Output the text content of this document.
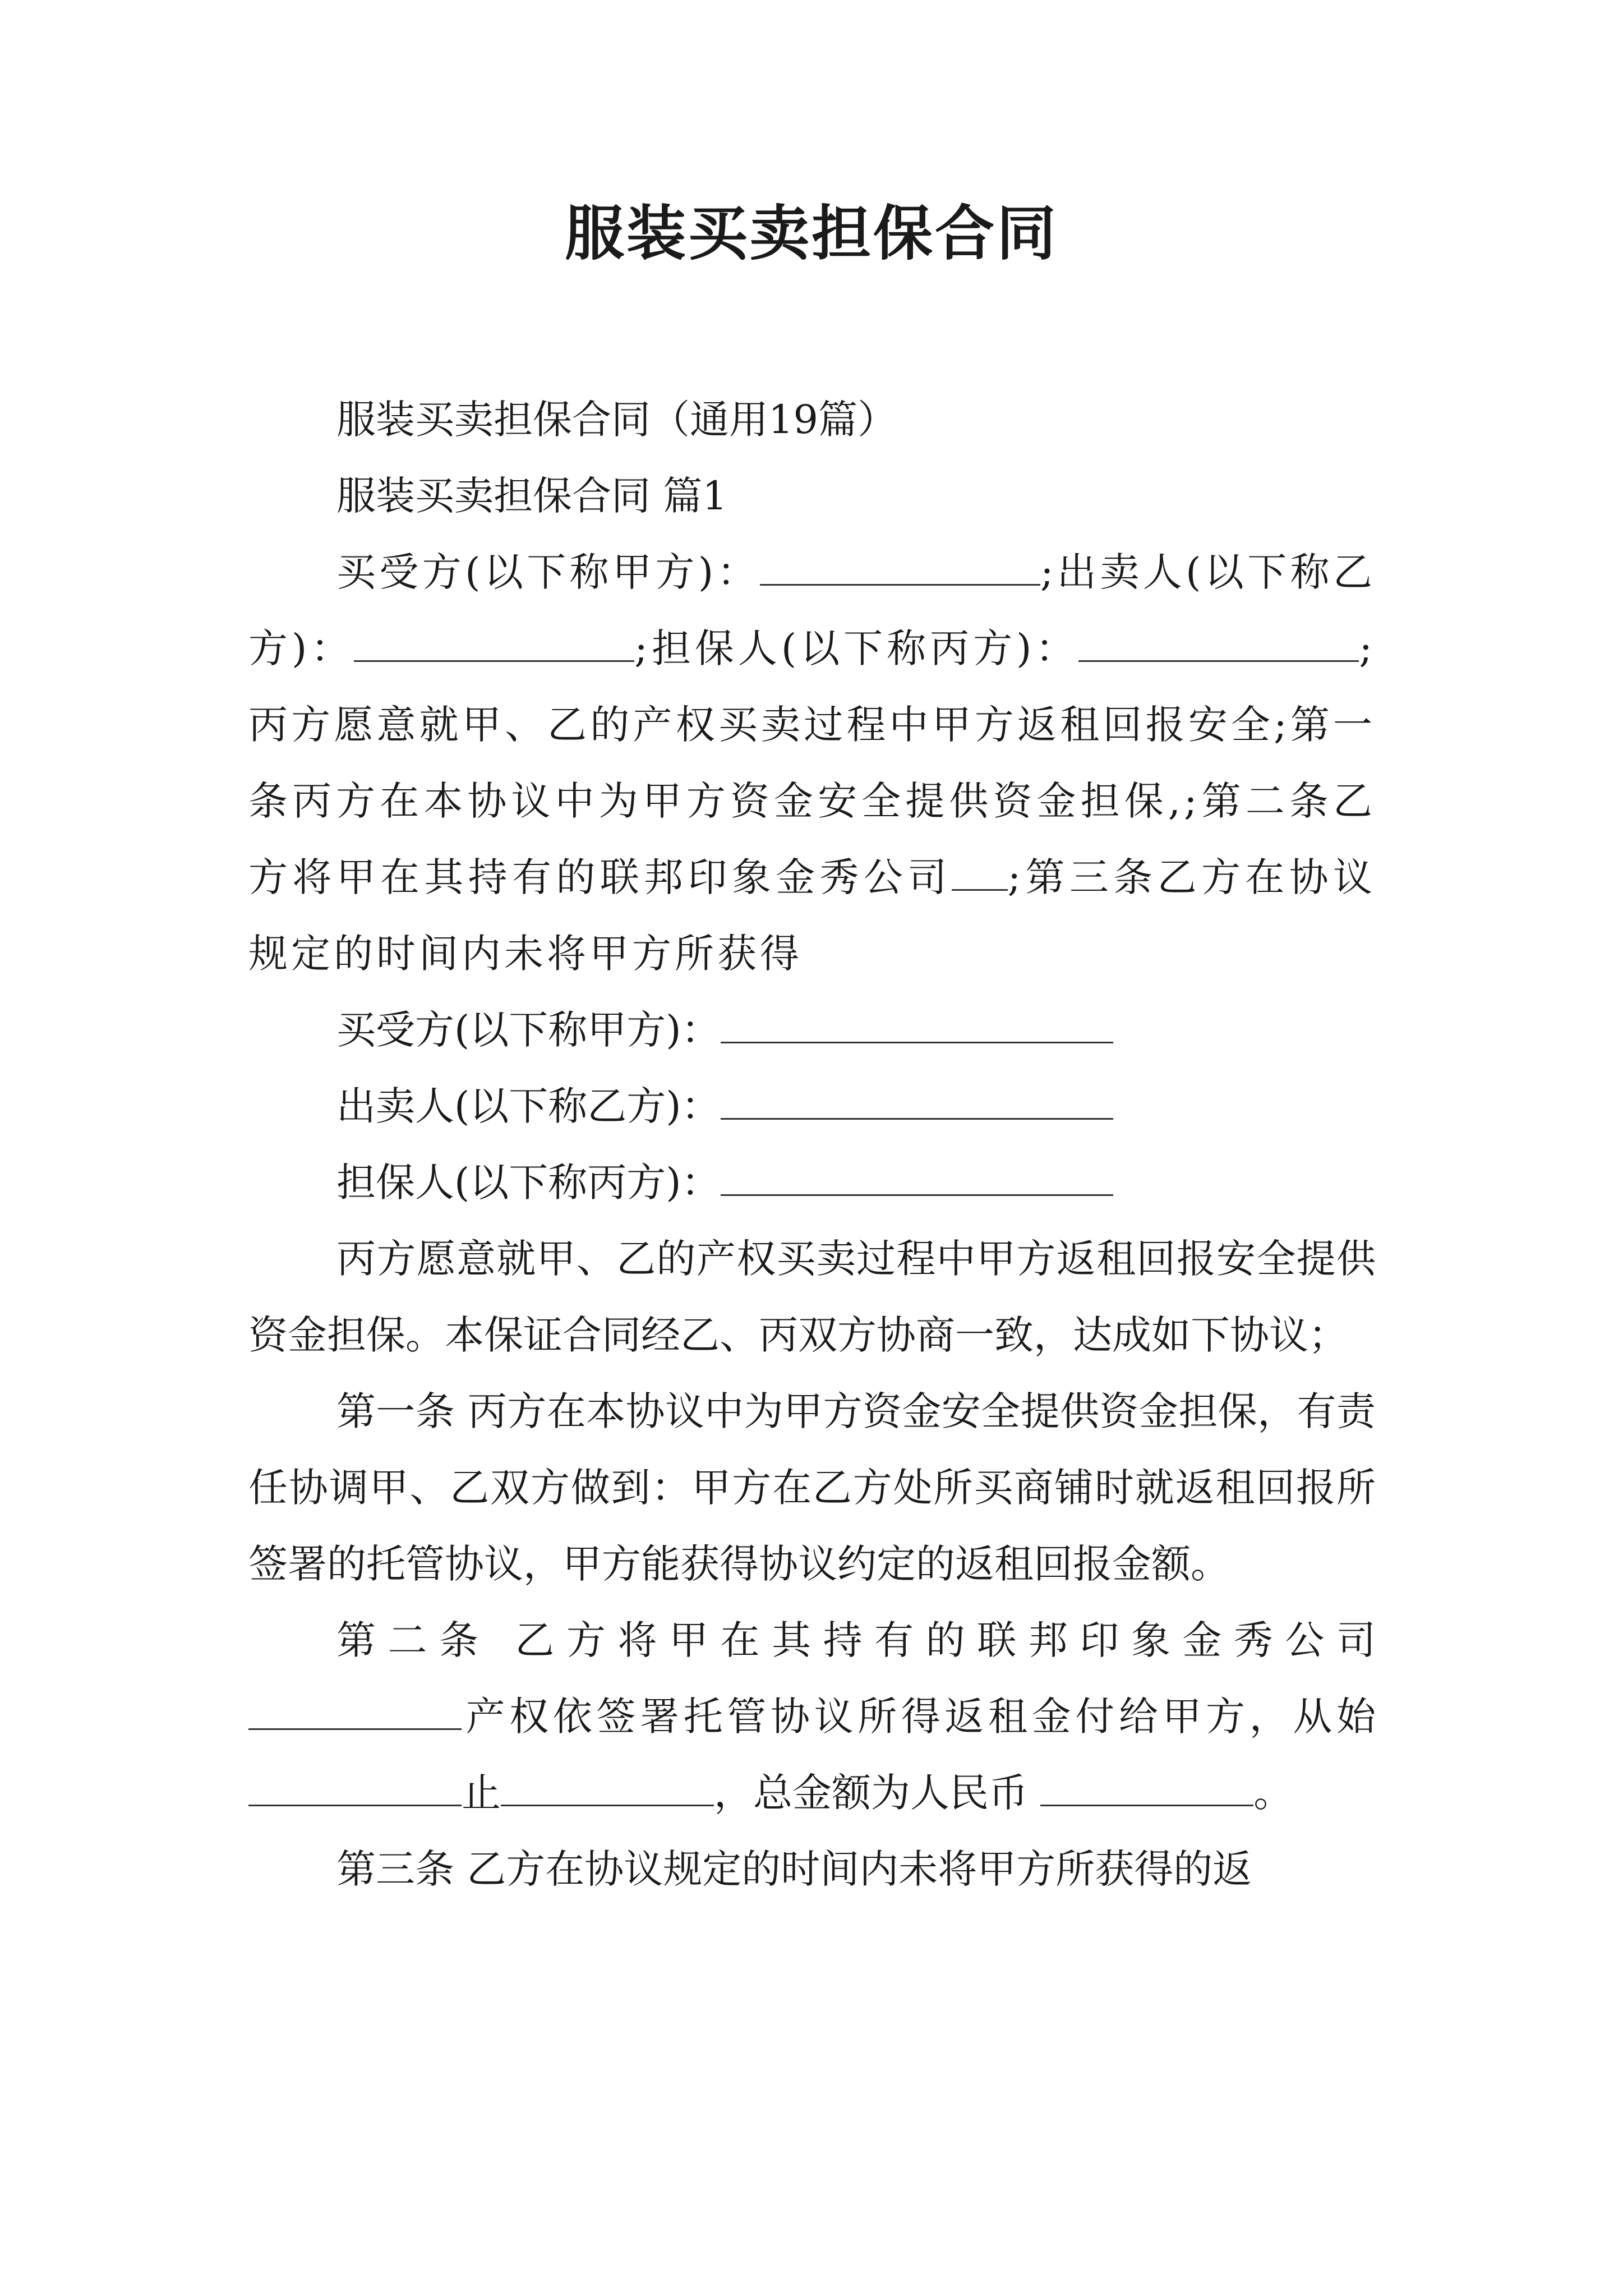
服装买卖担保合同

服装买卖担保合同（通用19篇）

服装买卖担保合同 篇1

买受方(以下称甲方)：	;出卖人(以下称乙方)：	;担保人(以下称丙方)：	;丙方愿意就甲、乙的产权买卖过程中甲方返租回报安全;第一条丙方在本协议中为甲方资金安全提供资金担保,;第二条乙方将甲在其持有的联邦印象金秀公司 ;第三条乙方在协议规定的时间内未将甲方所获得

买受方(以下称甲方)：

出卖人(以下称乙方)：

担保人(以下称丙方)：

丙方愿意就甲、乙的产权买卖过程中甲方返租回报安全提供资金担保。本保证合同经乙、丙双方协商一致，达成如下协议；

第一条 丙方在本协议中为甲方资金安全提供资金担保，有责任协调甲、乙双方做到：甲方在乙方处所买商铺时就返租回报所签署的托管协议，甲方能获得协议约定的返租回报金额。

第二条 乙方将甲在其持有的联邦印象金秀公司

产权依签署托管协议所得返租金付给甲方，从始

止	，总金额为人民币	。

第三条 乙方在协议规定的时间内未将甲方所获得的返
